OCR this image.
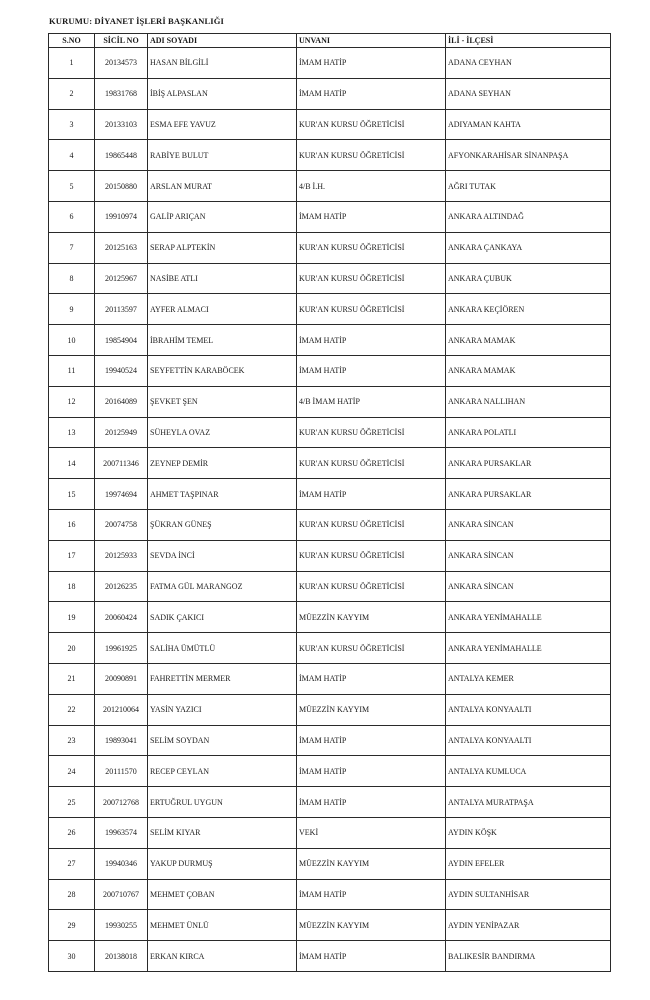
KURUMU: DİYANET İŞLERİ BAŞKANLIĞI
S.NO	SİCİL NO	ADI SOYADI	UNVANI	İLİ - İLÇESİ
1	20134573	HASAN BİLGİLİ	İMAM HATİP	ADANA CEYHAN
2	19831768	İBİŞ ALPASLAN	İMAM HATİP	ADANA SEYHAN
3	20133103	ESMA EFE YAVUZ	KUR'AN KURSU ÖĞRETİCİSİ	ADIYAMAN KAHTA
4	19865448	RABİYE BULUT	KUR'AN KURSU ÖĞRETİCİSİ	AFYONKARAHİSAR SİNANPAŞA
5	20150880	ARSLAN MURAT	4/B İ.H.	AĞRI TUTAK
6	19910974	GALİP ARIÇAN	İMAM HATİP	ANKARA ALTINDAĞ
7	20125163	SERAP ALPTEKİN	KUR'AN KURSU ÖĞRETİCİSİ	ANKARA ÇANKAYA
8	20125967	NASİBE ATLI	KUR'AN KURSU ÖĞRETİCİSİ	ANKARA ÇUBUK
9	20113597	AYFER ALMACI	KUR'AN KURSU ÖĞRETİCİSİ	ANKARA KEÇİÖREN
10	19854904	İBRAHİM TEMEL	İMAM HATİP	ANKARA MAMAK
11	19940524	SEYFETTİN KARABÖCEK	İMAM HATİP	ANKARA MAMAK
12	20164089	ŞEVKET ŞEN	4/B İMAM HATİP	ANKARA NALLIHAN
13	20125949	SÜHEYLA OVAZ	KUR'AN KURSU ÖĞRETİCİSİ	ANKARA POLATLI
14	200711346	ZEYNEP DEMİR	KUR'AN KURSU ÖĞRETİCİSİ	ANKARA PURSAKLAR
15	19974694	AHMET TAŞPINAR	İMAM HATİP	ANKARA PURSAKLAR
16	20074758	ŞÜKRAN GÜNEŞ	KUR'AN KURSU ÖĞRETİCİSİ	ANKARA SİNCAN
17	20125933	SEVDA İNCİ	KUR'AN KURSU ÖĞRETİCİSİ	ANKARA SİNCAN
18	20126235	FATMA GÜL MARANGOZ	KUR'AN KURSU ÖĞRETİCİSİ	ANKARA SİNCAN
19	20060424	SADIK ÇAKICI	MÜEZZİN KAYYIM	ANKARA YENİMAHALLE
20	19961925	SALİHA ÜMÜTLÜ	KUR'AN KURSU ÖĞRETİCİSİ	ANKARA YENİMAHALLE
21	20090891	FAHRETTİN MERMER	İMAM HATİP	ANTALYA KEMER
22	201210064	YASİN YAZICI	MÜEZZİN KAYYIM	ANTALYA KONYAALTI
23	19893041	SELİM SOYDAN	İMAM HATİP	ANTALYA KONYAALTI
24	20111570	RECEP CEYLAN	İMAM HATİP	ANTALYA KUMLUCA
25	200712768	ERTUĞRUL UYGUN	İMAM HATİP	ANTALYA MURATPAŞA
26	19963574	SELİM KIYAR	VEKİ	AYDIN KÖŞK
27	19940346	YAKUP DURMUŞ	MÜEZZİN KAYYIM	AYDIN EFELER
28	200710767	MEHMET ÇOBAN	İMAM HATİP	AYDIN SULTANHİSAR
29	19930255	MEHMET ÜNLÜ	MÜEZZİN KAYYIM	AYDIN YENİPAZAR
30	20138018	ERKAN KIRCA	İMAM HATİP	BALIKESİR BANDIRMA
